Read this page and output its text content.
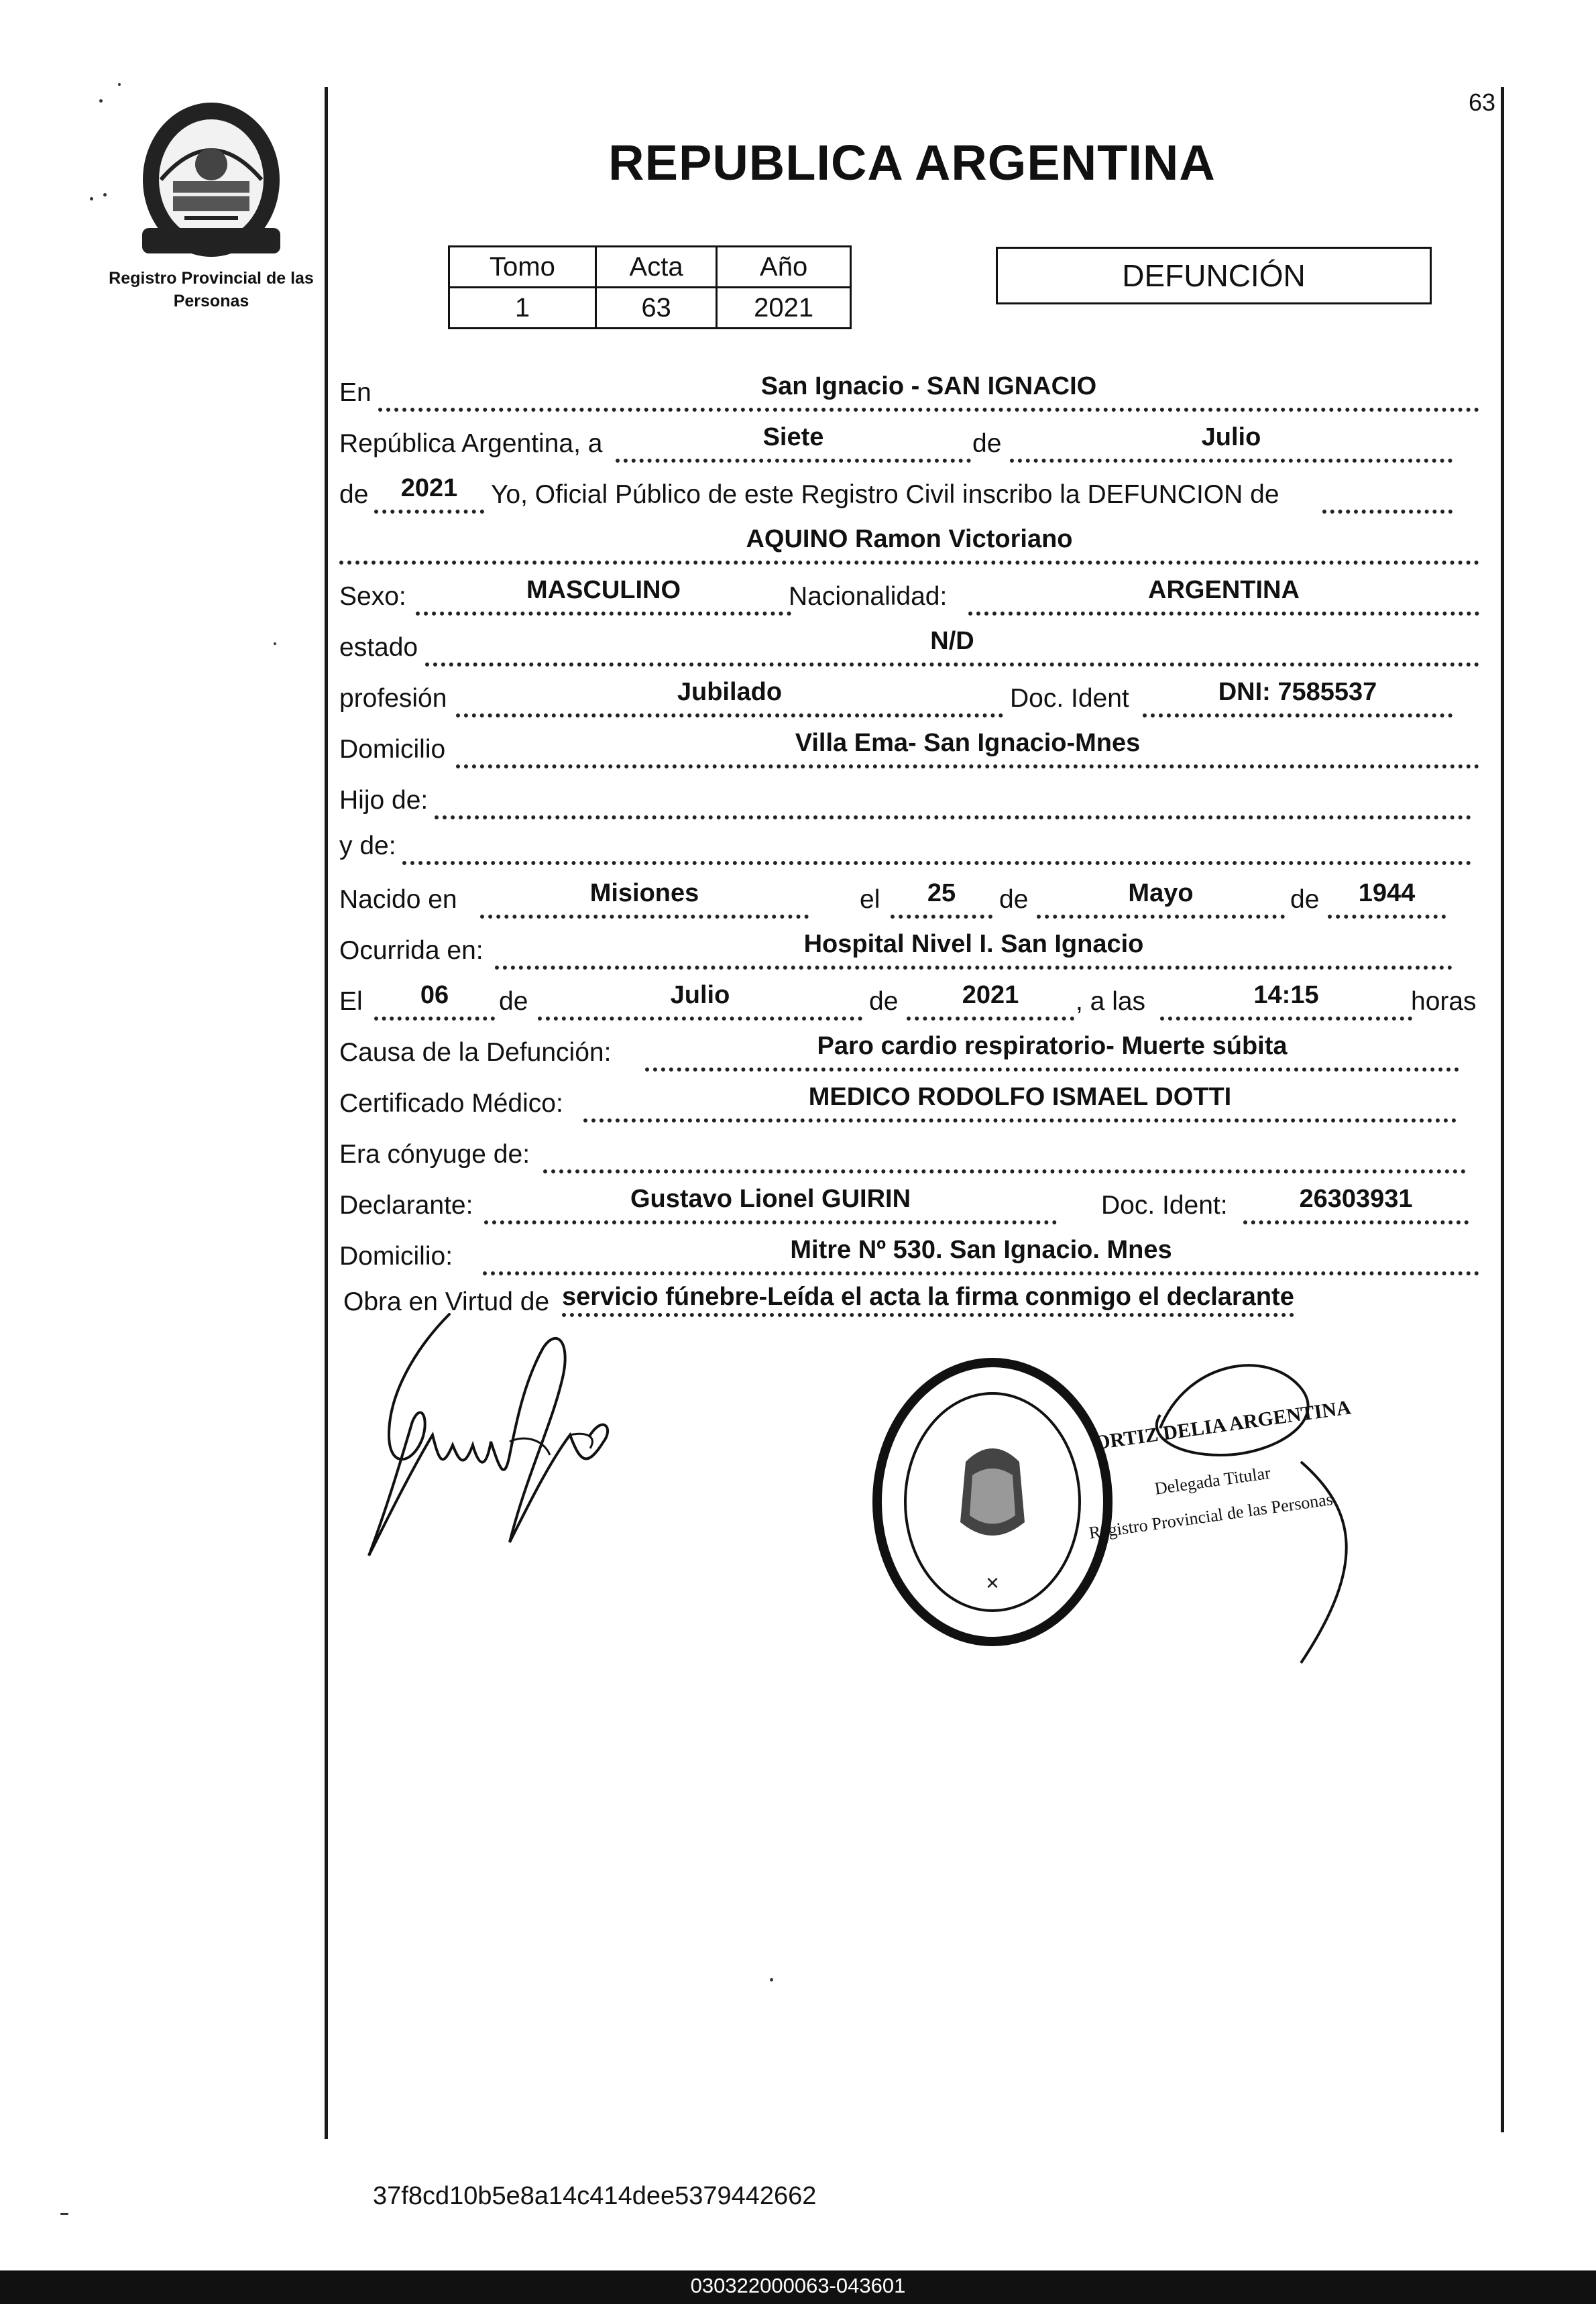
Registro Provincial de las Personas
63
REPUBLICA ARGENTINA
Tomo	Acta	Año
1	63	2021
DEFUNCIÓN
En	San Ignacio - SAN IGNACIO
República Argentina, a	Siete	de	Julio
de	2021	Yo, Oficial Público de este Registro Civil inscribo la DEFUNCION de
AQUINO Ramon Victoriano
Sexo:	MASCULINO	Nacionalidad:	ARGENTINA
estado	N/D
profesión	Jubilado	Doc. Ident	DNI: 7585537
Domicilio	Villa Ema- San Ignacio-Mnes
Hijo de:
y de:
Nacido en	Misiones	el	25	de	Mayo	de	1944
Ocurrida en:	Hospital Nivel I. San Ignacio
El	06	de	Julio	de	2021	, a las	14:15	horas
Causa de la Defunción:	Paro cardio respiratorio- Muerte súbita
Certificado Médico:	MEDICO RODOLFO ISMAEL DOTTI
Era cónyuge de:
Declarante:	Gustavo Lionel GUIRIN	Doc. Ident:	26303931
Domicilio:	Mitre Nº 530. San Ignacio. Mnes
Obra en Virtud de servicio fúnebre-Leída el acta la firma conmigo el declarante
✕
ORTIZ DELIA ARGENTINA
Delegada Titular
Registro Provincial de las Personas
37f8cd10b5e8a14c414dee5379442662
030322000063-043601
